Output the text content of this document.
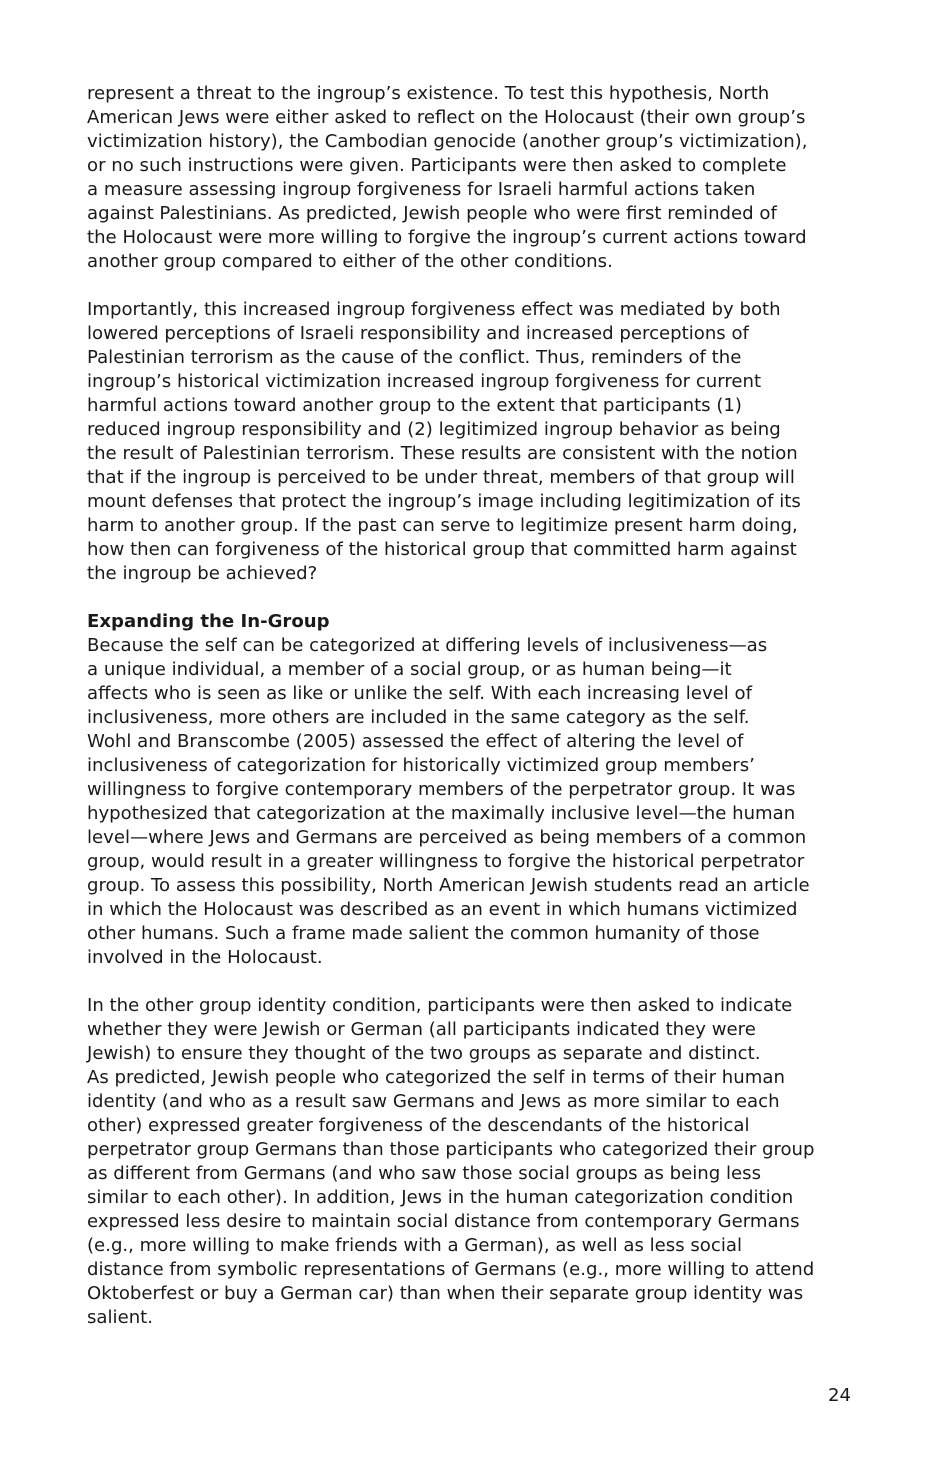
represent a threat to the ingroup’s existence. To test this hypothesis, North
American Jews were either asked to reflect on the Holocaust (their own group’s
victimization history), the Cambodian genocide (another group’s victimization),
or no such instructions were given. Participants were then asked to complete
a measure assessing ingroup forgiveness for Israeli harmful actions taken
against Palestinians. As predicted, Jewish people who were first reminded of
the Holocaust were more willing to forgive the ingroup’s current actions toward
another group compared to either of the other conditions.

Importantly, this increased ingroup forgiveness effect was mediated by both
lowered perceptions of Israeli responsibility and increased perceptions of
Palestinian terrorism as the cause of the conflict. Thus, reminders of the
ingroup’s historical victimization increased ingroup forgiveness for current
harmful actions toward another group to the extent that participants (1)
reduced ingroup responsibility and (2) legitimized ingroup behavior as being
the result of Palestinian terrorism. These results are consistent with the notion
that if the ingroup is perceived to be under threat, members of that group will
mount defenses that protect the ingroup’s image including legitimization of its
harm to another group. If the past can serve to legitimize present harm doing,
how then can forgiveness of the historical group that committed harm against
the ingroup be achieved?

Expanding the In-Group

Because the self can be categorized at differing levels of inclusiveness—as
a unique individual, a member of a social group, or as human being—it
affects who is seen as like or unlike the self. With each increasing level of
inclusiveness, more others are included in the same category as the self.
Wohl and Branscombe (2005) assessed the effect of altering the level of
inclusiveness of categorization for historically victimized group members’
willingness to forgive contemporary members of the perpetrator group. It was
hypothesized that categorization at the maximally inclusive level—the human
level—where Jews and Germans are perceived as being members of a common
group, would result in a greater willingness to forgive the historical perpetrator
group. To assess this possibility, North American Jewish students read an article
in which the Holocaust was described as an event in which humans victimized
other humans. Such a frame made salient the common humanity of those
involved in the Holocaust.

In the other group identity condition, participants were then asked to indicate
whether they were Jewish or German (all participants indicated they were
Jewish) to ensure they thought of the two groups as separate and distinct.
As predicted, Jewish people who categorized the self in terms of their human
identity (and who as a result saw Germans and Jews as more similar to each
other) expressed greater forgiveness of the descendants of the historical
perpetrator group Germans than those participants who categorized their group
as different from Germans (and who saw those social groups as being less
similar to each other). In addition, Jews in the human categorization condition
expressed less desire to maintain social distance from contemporary Germans
(e.g., more willing to make friends with a German), as well as less social
distance from symbolic representations of Germans (e.g., more willing to attend
Oktoberfest or buy a German car) than when their separate group identity was
salient.

24
